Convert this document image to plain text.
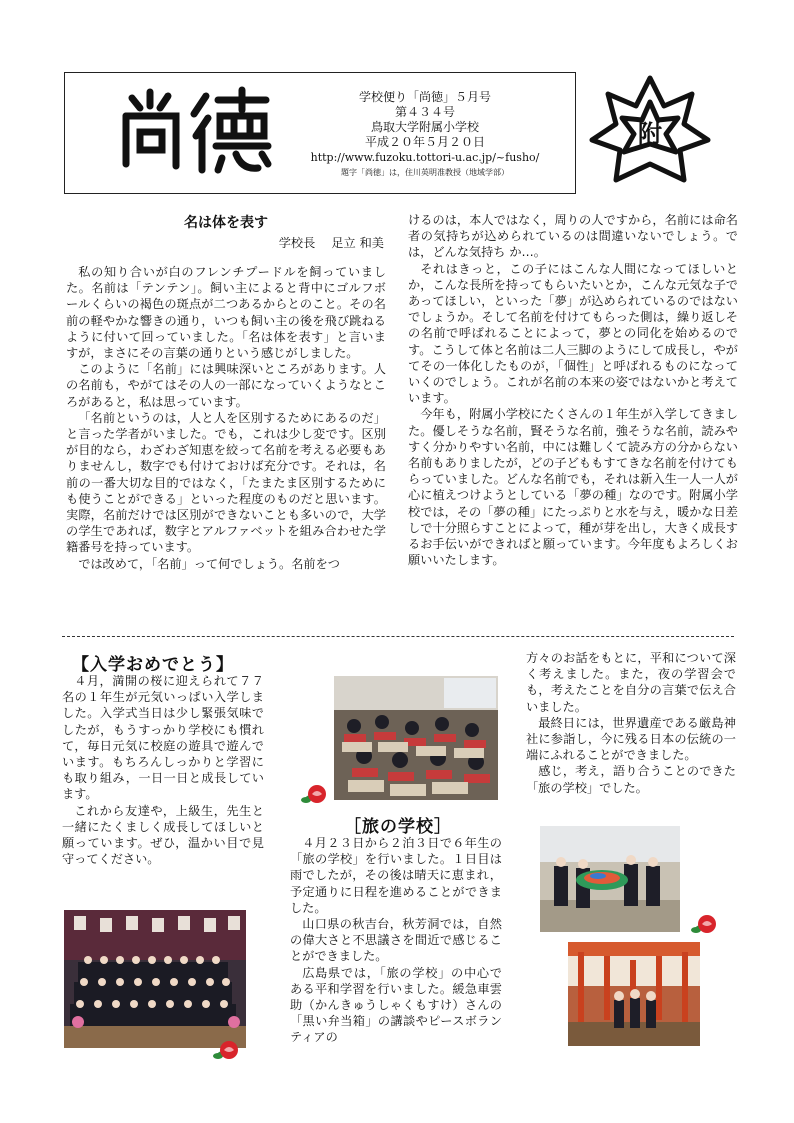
学校便り「尚徳」５月号
第４３４号
鳥取大学附属小学校
平成２０年５月２０日
http://www.fuzoku.tottori-u.ac.jp/~fusho/
題字「尚徳」は，住川英明准教授（地域学部）
附
名は体を表す
学校長　 足立 和美

私の知り合いが白のフレンチプードルを飼っていました。名前は「テンテン」。飼い主によると背中にゴルフボールくらいの褐色の斑点が二つあるからとのこと。その名前の軽やかな響きの通り，いつも飼い主の後を飛び跳ねるように付いて回っていました。「名は体を表す」と言いますが，まさにその言葉の通りという感じがしました。

このように「名前」には興味深いところがあります。人の名前も，やがてはその人の一部になっていくようなところがあると，私は思っています。

「名前というのは，人と人を区別するためにあるのだ」と言った学者がいました。でも，これは少し変です。区別が目的なら，わざわざ知恵を絞って名前を考える必要もありませんし，数字でも付けておけば充分です。それは，名前の一番大切な目的ではなく，「たまたま区別するためにも使うことができる」といった程度のものだと思います。実際，名前だけでは区別ができないことも多いので，大学の学生であれば，数字とアルファベットを組み合わせた学籍番号を持っています。

では改めて，「名前」って何でしょう。名前をつ

けるのは，本人ではなく，周りの人ですから，名前には命名者の気持ちが込められているのは間違いないでしょう。では，どんな気持ち か…。

それはきっと，この子にはこんな人間になってほしいとか，こんな長所を持ってもらいたいとか，こんな元気な子であってほしい，といった「夢」が込められているのではないでしょうか。そして名前を付けてもらった側は，繰り返しその名前で呼ばれることによって，夢との同化を始めるのです。こうして体と名前は二人三脚のようにして成長し，やがてその一体化したものが，「個性」と呼ばれるものになっていくのでしょう。これが名前の本来の姿ではないかと考えています。

今年も，附属小学校にたくさんの１年生が入学してきました。優しそうな名前，賢そうな名前，強そうな名前，読みやすく分かりやすい名前，中には難しくて読み方の分からない名前もありましたが，どの子どももすてきな名前を付けてもらっていました。どんな名前でも，それは新入生一人一人が心に植えつけようとしている「夢の種」なのです。附属小学校では，その「夢の種」にたっぷりと水を与え，暖かな日差しで十分照らすことによって，種が芽を出し，大きく成長するお手伝いができればと願っています。今年度もよろしくお願いいたします。

【入学おめでとう】

４月，満開の桜に迎えられて７７名の１年生が元気いっぱい入学しました。入学式当日は少し緊張気味でしたが，もうすっかり学校にも慣れて，毎日元気に校庭の遊具で遊んでいます。もちろんしっかりと学習にも取り組み，一日一日と成長しています。

これから友達や，上級生，先生と一緒にたくましく成長してほしいと願っています。ぜひ，温かい目で見守ってください。

［旅の学校］

４月２３日から２泊３日で６年生の「旅の学校」を行いました。１日目は雨でしたが，その後は晴天に恵まれ，予定通りに日程を進めることができました。

山口県の秋吉台，秋芳洞では，自然の偉大さと不思議さを間近で感じることができました。

広島県では，「旅の学校」の中心である平和学習を行いました。緩急車雲助（かんきゅうしゃくもすけ）さんの「黒い弁当箱」の講談やピースボランティアの

方々のお話をもとに，平和について深く考えました。また，夜の学習会でも，考えたことを自分の言葉で伝え合いました。

最終日には，世界遺産である厳島神社に参詣し，今に残る日本の伝統の一端にふれることができました。

感じ，考え，語り合うことのできた「旅の学校」でした。
